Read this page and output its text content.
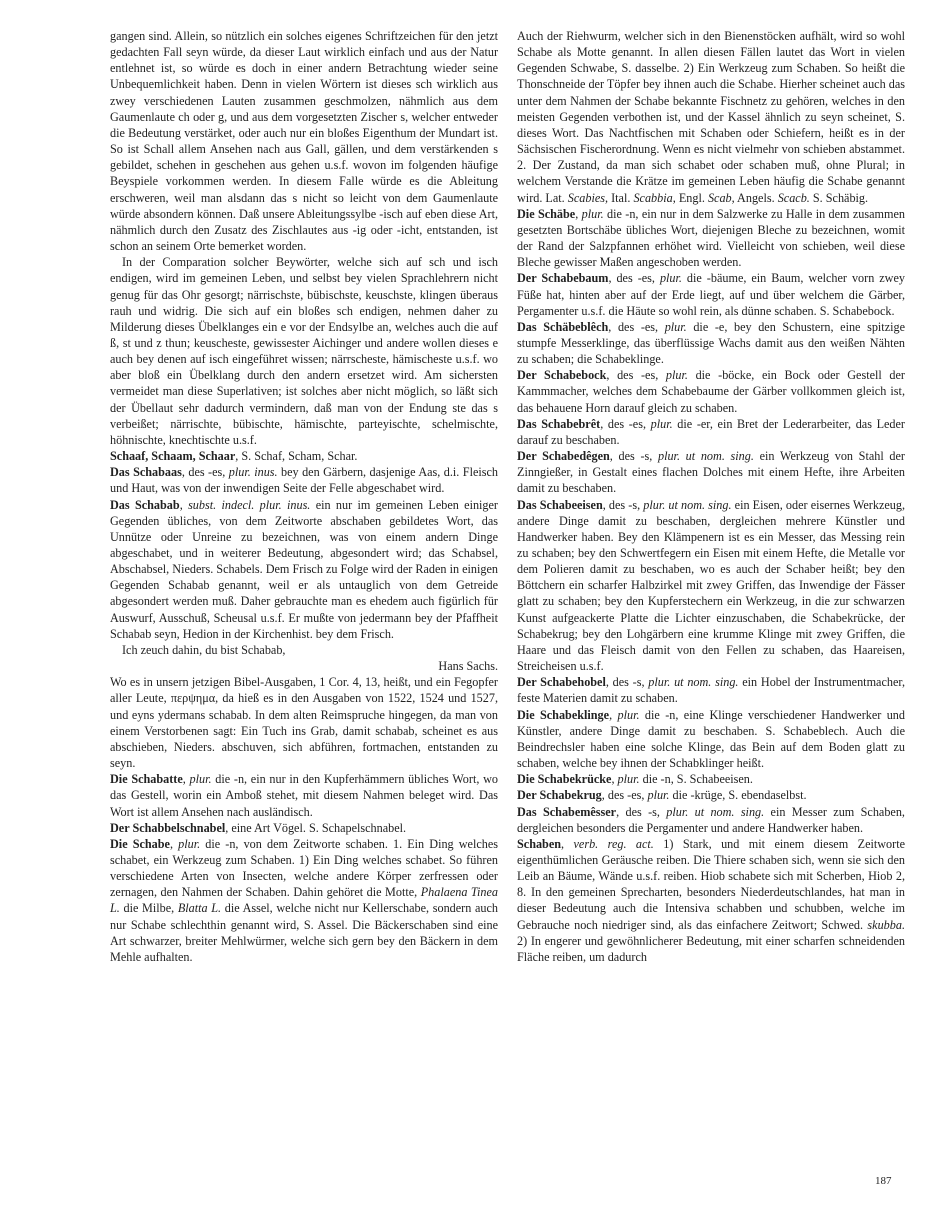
gangen sind. Allein, so nützlich ein solches eigenes Schriftzeichen für den jetzt gedachten Fall seyn würde, da dieser Laut wirklich einfach und aus der Natur entlehnet ist, so würde es doch in einer andern Betrachtung wieder seine Unbequemlichkeit haben. Denn in vielen Wörtern ist dieses sch wirklich aus zwey verschiedenen Lauten zusammen geschmolzen, nähmlich aus dem Gaumenlaute ch oder g, und aus dem vorgesetzten Zischer s, welcher entweder die Bedeutung verstärket, oder auch nur ein bloßes Eigenthum der Mundart ist. So ist Schall allem Ansehen nach aus Gall, gällen, und dem verstärkenden s gebildet, schehen in geschehen aus gehen u.s.f. wovon im folgenden häufige Beyspiele vorkommen werden. In diesem Falle würde es die Ableitung erschweren, weil man alsdann das s nicht so leicht von dem Gaumenlaute würde absondern können. Daß unsere Ableitungssylbe -isch auf eben diese Art, nähmlich durch den Zusatz des Zischlautes aus -ig oder -icht, entstanden, ist schon an seinem Orte bemerket worden.

In der Comparation solcher Beywörter, welche sich auf sch und isch endigen, wird im gemeinen Leben, und selbst bey vielen Sprachlehrern nicht genug für das Ohr gesorgt; närrischste, bübischste, keuschste, klingen überaus rauh und widrig. Die sich auf ein bloßes sch endigen, nehmen daher zu Milderung dieses Übelklanges ein e vor der Endsylbe an, welches auch die auf ß, st und z thun; keuscheste, gewissester Aichinger und andere wollen dieses e auch bey denen auf isch eingeführet wissen; närrscheste, hämischeste u.s.f. wo aber bloß ein Übelklang durch den andern ersetzet wird. Am sichersten vermeidet man diese Superlativen; ist solches aber nicht möglich, so läßt sich der Übellaut sehr dadurch vermindern, daß man von der Endung ste das s verbeißet; närrischte, bübischte, hämischte, parteyischte, schelmischte, höhnischte, knechtischte u.s.f.

Schaaf, Schaam, Schaar, S. Schaf, Scham, Schar.

Das Schabaas, des -es, plur. inus. bey den Gärbern, dasjenige Aas, d.i. Fleisch und Haut, was von der inwendigen Seite der Felle abgeschabet wird.

Das Schabab, subst. indecl. plur. inus. ein nur im gemeinen Leben einiger Gegenden übliches, von dem Zeitworte abschaben gebildetes Wort, das Unnütze oder Unreine zu bezeichnen, was von einem andern Dinge abgeschabet, und in weiterer Bedeutung, abgesondert wird; das Schabsel, Abschabsel, Nieders. Schabels. Dem Frisch zu Folge wird der Raden in einigen Gegenden Schabab genannt, weil er als untauglich von dem Getreide abgesondert werden muß. Daher gebrauchte man es ehedem auch figürlich für Auswurf, Ausschuß, Scheusal u.s.f. Er mußte von jedermann bey der Pfaffheit Schabab seyn, Hedion in der Kirchenhist. bey dem Frisch.

Ich zeuch dahin, du bist Schabab,

Hans Sachs.

Wo es in unsern jetzigen Bibel-Ausgaben, 1 Cor. 4, 13, heißt, und ein Fegopfer aller Leute, περψημα, da hieß es in den Ausgaben von 1522, 1524 und 1527, und eyns ydermans schabab. In dem alten Reimspruche hingegen, da man von einem Verstorbenen sagt: Ein Tuch ins Grab, damit schabab, scheinet es aus abschieben, Nieders. abschuven, sich abführen, fortmachen, entstanden zu seyn.

Die Schabatte, plur. die -n, ein nur in den Kupferhämmern übliches Wort, wo das Gestell, worin ein Amboß stehet, mit diesem Nahmen beleget wird. Das Wort ist allem Ansehen nach ausländisch.

Der Schabbelschnabel, eine Art Vögel. S. Schapelschnabel.

Die Schabe, plur. die -n, von dem Zeitworte schaben. 1. Ein Ding welches schabet, ein Werkzeug zum Schaben. 1) Ein Ding welches schabet. So führen verschiedene Arten von Insecten, welche andere Körper zerfressen oder zernagen, den Nahmen der Schaben. Dahin gehöret die Motte, Phalaena Tinea L. die Milbe, Blatta L. die Assel, welche nicht nur Kellerschabe, sondern auch nur Schabe schlechthin genannt wird, S. Assel. Die Bäckerschaben sind eine Art schwarzer, breiter Mehlwürmer, welche sich gern bey den Bäckern in dem Mehle aufhalten.

Auch der Riehwurm, welcher sich in den Bienenstöcken aufhält, wird so wohl Schabe als Motte genannt. In allen diesen Fällen lautet das Wort in vielen Gegenden Schwabe, S. dasselbe. 2) Ein Werkzeug zum Schaben. So heißt die Thonschneide der Töpfer bey ihnen auch die Schabe. Hierher scheinet auch das unter dem Nahmen der Schabe bekannte Fischnetz zu gehören, welches in den meisten Gegenden verbothen ist, und der Kassel ähnlich zu seyn scheinet, S. dieses Wort. Das Nachtfischen mit Schaben oder Schiefern, heißt es in der Sächsischen Fischerordnung. Wenn es nicht vielmehr von schieben abstammet. 2. Der Zustand, da man sich schabet oder schaben muß, ohne Plural; in welchem Verstande die Krätze im gemeinen Leben häufig die Schabe genannt wird. Lat. Scabies, Ital. Scabbia, Engl. Scab, Angels. Scacb. S. Schäbig.

Die Schäbe, plur. die -n, ein nur in dem Salzwerke zu Halle in dem zusammen gesetzten Bortschäbe übliches Wort, diejenigen Bleche zu bezeichnen, womit der Rand der Salzpfannen erhöhet wird. Vielleicht von schieben, weil diese Bleche gewisser Maßen angeschoben werden.

Der Schabebaum, des -es, plur. die -bäume, ein Baum, welcher vorn zwey Füße hat, hinten aber auf der Erde liegt, auf und über welchem die Gärber, Pergamenter u.s.f. die Häute so wohl rein, als dünne schaben. S. Schabebock.

Das Schäbeblêch, des -es, plur. die -e, bey den Schustern, eine spitzige stumpfe Messerklinge, das überflüssige Wachs damit aus den weißen Nähten zu schaben; die Schabeklinge.

Der Schabebock, des -es, plur. die -böcke, ein Bock oder Gestell der Kammmacher, welches dem Schabebaume der Gärber vollkommen gleich ist, das behauene Horn darauf gleich zu schaben.

Das Schabebrêt, des -es, plur. die -er, ein Bret der Lederarbeiter, das Leder darauf zu beschaben.

Der Schabedêgen, des -s, plur. ut nom. sing. ein Werkzeug von Stahl der Zinngießer, in Gestalt eines flachen Dolches mit einem Hefte, ihre Arbeiten damit zu beschaben.

Das Schabeeisen, des -s, plur. ut nom. sing. ein Eisen, oder eisernes Werkzeug, andere Dinge damit zu beschaben, dergleichen mehrere Künstler und Handwerker haben. Bey den Klämpenern ist es ein Messer, das Messing rein zu schaben; bey den Schwertfegern ein Eisen mit einem Hefte, die Metalle vor dem Polieren damit zu beschaben, wo es auch der Schaber heißt; bey den Böttchern ein scharfer Halbzirkel mit zwey Griffen, das Inwendige der Fässer glatt zu schaben; bey den Kupferstechern ein Werkzeug, in die zur schwarzen Kunst aufgeackerte Platte die Lichter einzuschaben, die Schabekrücke, der Schabekrug; bey den Lohgärbern eine krumme Klinge mit zwey Griffen, die Haare und das Fleisch damit von den Fellen zu schaben, das Haareisen, Streicheisen u.s.f.

Der Schabehobel, des -s, plur. ut nom. sing. ein Hobel der Instrumentmacher, feste Materien damit zu schaben.

Die Schabeklinge, plur. die -n, eine Klinge verschiedener Handwerker und Künstler, andere Dinge damit zu beschaben. S. Schabeblech. Auch die Beindrechsler haben eine solche Klinge, das Bein auf dem Boden glatt zu schaben, welche bey ihnen der Schabklinger heißt.

Die Schabekrücke, plur. die -n, S. Schabeeisen.

Der Schabekrug, des -es, plur. die -krüge, S. ebendaselbst.

Das Schabemêsser, des -s, plur. ut nom. sing. ein Messer zum Schaben, dergleichen besonders die Pergamenter und andere Handwerker haben.

Schaben, verb. reg. act. 1) Stark, und mit einem diesem Zeitworte eigenthümlichen Geräusche reiben. Die Thiere schaben sich, wenn sie sich den Leib an Bäume, Wände u.s.f. reiben. Hiob schabete sich mit Scherben, Hiob 2, 8. In den gemeinen Sprecharten, besonders Niederdeutschlandes, hat man in dieser Bedeutung auch die Intensiva schabben und schubben, welche im Gebrauche noch niedriger sind, als das einfachere Zeitwort; Schwed. skubba. 2) In engerer und gewöhnlicherer Bedeutung, mit einer scharfen schneidenden Fläche reiben, um dadurch

187
